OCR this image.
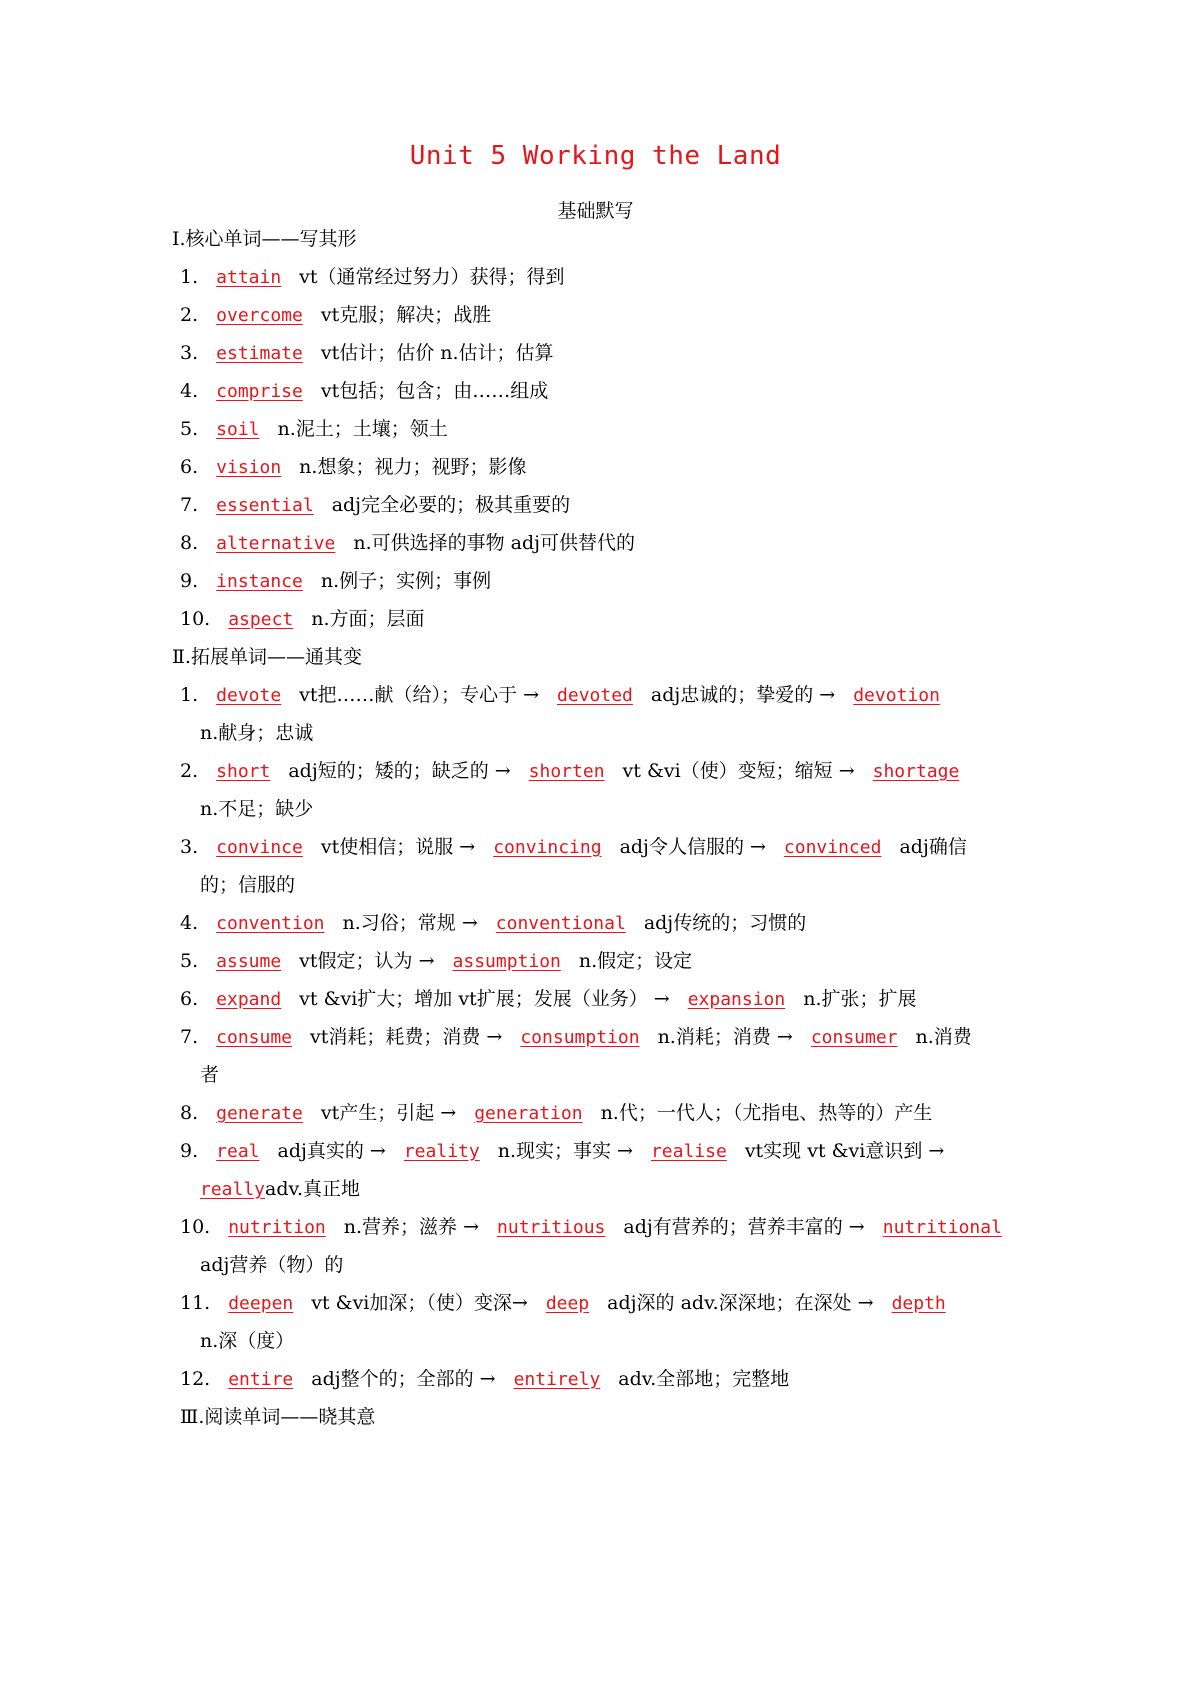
Unit 5 Working the Land
基础默写
Ⅰ.核心单词——写其形
1. attain vt（通常经过努力）获得；得到
2. overcome vt克服；解决；战胜
3. estimate vt估计；估价 n.估计；估算
4. comprise vt包括；包含；由……组成
5. soil n.泥土；土壤；领土
6. vision n.想象；视力；视野；影像
7. essential adj完全必要的；极其重要的
8. alternative n.可供选择的事物 adj可供替代的
9. instance n.例子；实例；事例
10. aspect n.方面；层面
Ⅱ.拓展单词——通其变
1. devote vt把……献（给）；专心于 → devoted adj忠诚的；挚爱的 → devotion
n.献身；忠诚
2. short adj短的；矮的；缺乏的 → shorten vt &vi（使）变短；缩短 → shortage
n.不足；缺少
3. convince vt使相信；说服 → convincing adj令人信服的 → convinced adj确信
的；信服的
4. convention n.习俗；常规 → conventional adj传统的；习惯的
5. assume vt假定；认为 → assumption n.假定；设定
6. expand vt &vi扩大；增加 vt扩展；发展（业务） → expansion n.扩张；扩展
7. consume vt消耗；耗费；消费 → consumption n.消耗；消费 → consumer n.消费
者
8. generate vt产生；引起 → generation n.代；一代人；（尤指电、热等的）产生
9. real adj真实的 → reality n.现实；事实 → realise vt实现 vt &vi意识到 →
reallyadv.真正地
10. nutrition n.营养；滋养 → nutritious adj有营养的；营养丰富的 → nutritional
adj营养（物）的
11. deepen vt &vi加深；（使）变深→ deep adj深的 adv.深深地；在深处 → depth
n.深（度）
12. entire adj整个的；全部的 → entirely adv.全部地；完整地
Ⅲ.阅读单词——晓其意
